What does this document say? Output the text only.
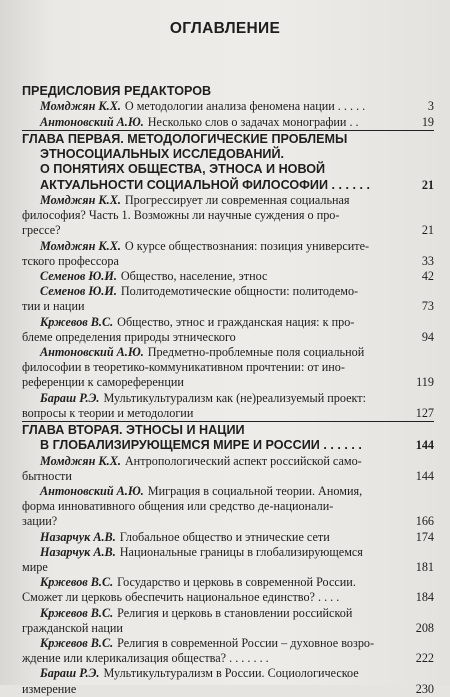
ОГЛАВЛЕНИЕ
ПРЕДИСЛОВИЯ РЕДАКТОРОВ
Момджян К.Х. О методологии анализа феномена нации . . . . .	3
Антоновский А.Ю. Несколько слов о задачах монографии . .	19
ГЛАВА ПЕРВАЯ. МЕТОДОЛОГИЧЕСКИЕ ПРОБЛЕМЫ
ЭТНОСОЦИАЛЬНЫХ ИССЛЕДОВАНИЙ.
О ПОНЯТИЯХ ОБЩЕСТВА, ЭТНОСА И НОВОЙ
АКТУАЛЬНОСТИ СОЦИАЛЬНОЙ ФИЛОСОФИИ . . . . . .	21
Момджян К.Х. Прогрессирует ли современная социальная
философия? Часть 1. Возможны ли научные суждения о про-
грессе?	21
Момджян К.Х. О курсе обществознания: позиция университе-
тского профессора	33
Семенов Ю.И. Общество, население, этнос	42
Семенов Ю.И. Политодемотические общности: политодемо-
тии и нации	73
Кржевов В.С. Общество, этнос и гражданская нация: к про-
блеме определения природы этнического	94
Антоновский А.Ю. Предметно-проблемные поля социальной
философии в теоретико-коммуникативном прочтении: от ино-
референции к самореференции	119
Бараш Р.Э. Мультикультурализм как (не)реализуемый проект:
вопросы к теории и методологии	127
ГЛАВА ВТОРАЯ. ЭТНОСЫ И НАЦИИ
В ГЛОБАЛИЗИРУЮЩЕМСЯ МИРЕ И РОССИИ . . . . . .	144
Момджян К.Х. Антропологический аспект российской само-
бытности	144
Антоновский А.Ю. Миграция в социальной теории. Аномия,
форма инновативного общения или средство де-национали-
зации?	166
Назарчук А.В. Глобальное общество и этнические сети	174
Назарчук А.В. Национальные границы в глобализирующемся
мире	181
Кржевов В.С. Государство и церковь в современной России.
Сможет ли церковь обеспечить национальное единство? . . . .	184
Кржевов В.С. Религия и церковь в становлении российской
гражданской нации	208
Кржевов В.С. Религия в современной России – духовное возро-
ждение или клерикализация общества? . . . . . . .	222
Бараш Р.Э. Мультикультурализм в России. Социологическое
измерение	230
